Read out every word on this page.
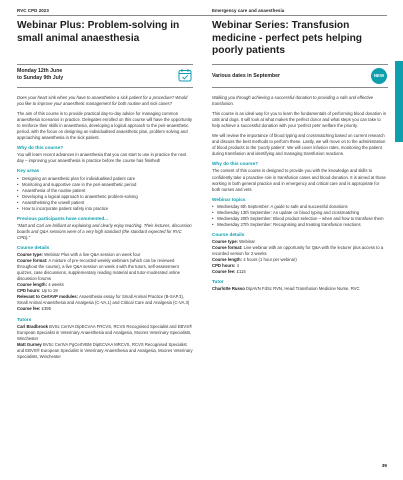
RVC CPD 2023	Emergency care and anaesthesia
Webinar Plus: Problem-solving in small animal anaesthesia
Monday 12th June
to Sunday 9th July

Does your heart sink when you have to anaesthetise a sick patient for a procedure? Would you like to improve your anaesthetic management for both routine and sick cases?

The aim of this course is to provide practical day-to-day advice for managing common anaesthesia scenarios in practice. Delegates enrolled on this course will have the opportunity to reinforce their skills in anaesthesia, developing a logical approach to the peri-anaesthetic period, with the focus on designing an individualised anaesthetic plan, problem solving and approaching anaesthesia in the sick patient.

Why do this course?

You will learn recent advances in anaesthesia that you can start to use in practice the next day – improving your anaesthesia in practice before the course has finished!

Key areas
• Designing an anaesthetic plan for individualised patient care
• Monitoring and supportive care in the peri-anaesthetic period
• Anaesthesia of the routine patient
• Developing a logical approach to anaesthetic problem-solving
• Anaesthetising the unwell patient
• How to incorporate patient safety into practice
Previous participants have commented...

"Matt and Carl are brilliant at explaining and clearly enjoy teaching. Their lectures, discussion boards and Q&A sessions were of a very high standard (the standard expected for RVC CPD)."

Course details
Course type: Webinar Plus with a live Q&A session on week four
Course format: A mixture of pre-recorded weekly webinars (which can be reviewed throughout the course), a live Q&A session on week 4 with the tutors, self-assessment quizzes, case discussions, supplementary reading material and tutor-moderated online discussion forums
Course length: 4 weeks
CPD hours: Up to 19
Relevant to CertAVP modules: Anaesthesia essay for Small Animal Practice (B-SAP.3), Small Animal Anaesthesia and Analgesia (C-VA.1) and Critical Care and Analgesia (C-VA.3)
Course fee: £395
Tutors
Carl Bradbrook BVSc CertVA DipECVAA FRCVS, RCVS Recognised Specialist and EBVS® European Specialist in Veterinary Anaesthesia and Analgesia, Moores Veterinary Specialists, Winchester
Matt Gurney BVSc CertVA PgCertVBM DipECVAA MRCVS, RCVS Recognised Specialist and EBVS® European Specialist in Veterinary Anaesthesia and Analgesia, Moores Veterinary Specialists, Winchester
Webinar Series: Transfusion medicine - perfect pets helping poorly patients
Various dates in September	NEW

Walking you through achieving a successful donation to providing a safe and effective transfusion.

This course is an ideal way for you to learn the fundamentals of performing blood donation in cats and dogs. It will look at what makes the perfect donor and what steps you can take to help achieve a successful donation with your 'perfect pets' welfare the priority.

We will review the importance of blood typing and crossmatching based on current research and discuss the best methods to perform these. Lastly, we will move on to the administration of blood products to the 'poorly patient'. We will cover infusion rates, monitoring the patient during transfusion and identifying and managing transfusion reactions.

Why do this course?

The content of this course is designed to provide you with the knowledge and skills to confidently take a proactive role in transfusion cases and blood donation. It is aimed at those working in both general practice and in emergency and critical care and is appropriate for both nurses and vets.

Webinar topics
• Wednesday 6th September: A guide to safe and successful donations
• Wednesday 13th September: An update on blood typing and crossmatching
• Wednesday 20th September: Blood product selection – when and how to transfuse them
• Wednesday 27th September: Recognising and treating transfusion reactions
Course details
Course type: Webinar
Course format: Live webinar with an opportunity for Q&A with the lecturer plus access to a recorded version for 2 weeks
Course length: 4 hours (1 hour per webinar)
CPD hours: 4
Course fee: £115
Tutor
Charlotte Russo DipAVN FdSc RVN, Head Transfusion Medicine Nurse, RVC
39
